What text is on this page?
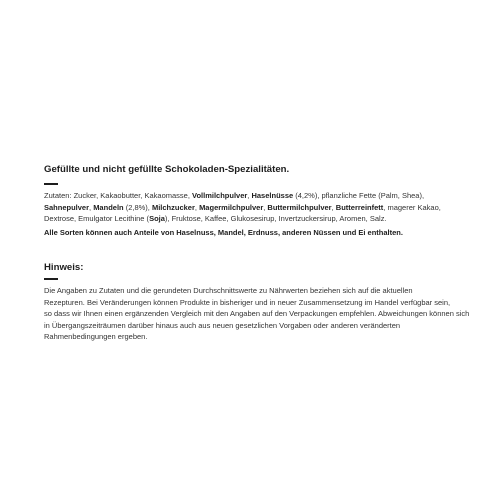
Gefüllte und nicht gefüllte Schokoladen-Spezialitäten.
Zutaten: Zucker, Kakaobutter, Kakaomasse, Vollmilchpulver, Haselnüsse (4,2%), pflanzliche Fette (Palm, Shea),
Sahnepulver, Mandeln (2,8%), Milchzucker, Magermilchpulver, Buttermilchpulver, Butterreinfett, magerer Kakao,
Dextrose, Emulgator Lecithine (Soja), Fruktose, Kaffee, Glukosesirup, Invertzuckersirup, Aromen, Salz.
Alle Sorten können auch Anteile von Haselnuss, Mandel, Erdnuss, anderen Nüssen und Ei enthalten.
Hinweis:
Die Angaben zu Zutaten und die gerundeten Durchschnittswerte zu Nährwerten beziehen sich auf die aktuellen
Rezepturen. Bei Veränderungen können Produkte in bisheriger und in neuer Zusammensetzung im Handel verfügbar sein,
so dass wir Ihnen einen ergänzenden Vergleich mit den Angaben auf den Verpackungen empfehlen. Abweichungen können sich
in Übergangszeiträumen darüber hinaus auch aus neuen gesetzlichen Vorgaben oder anderen veränderten
Rahmenbedingungen ergeben.
